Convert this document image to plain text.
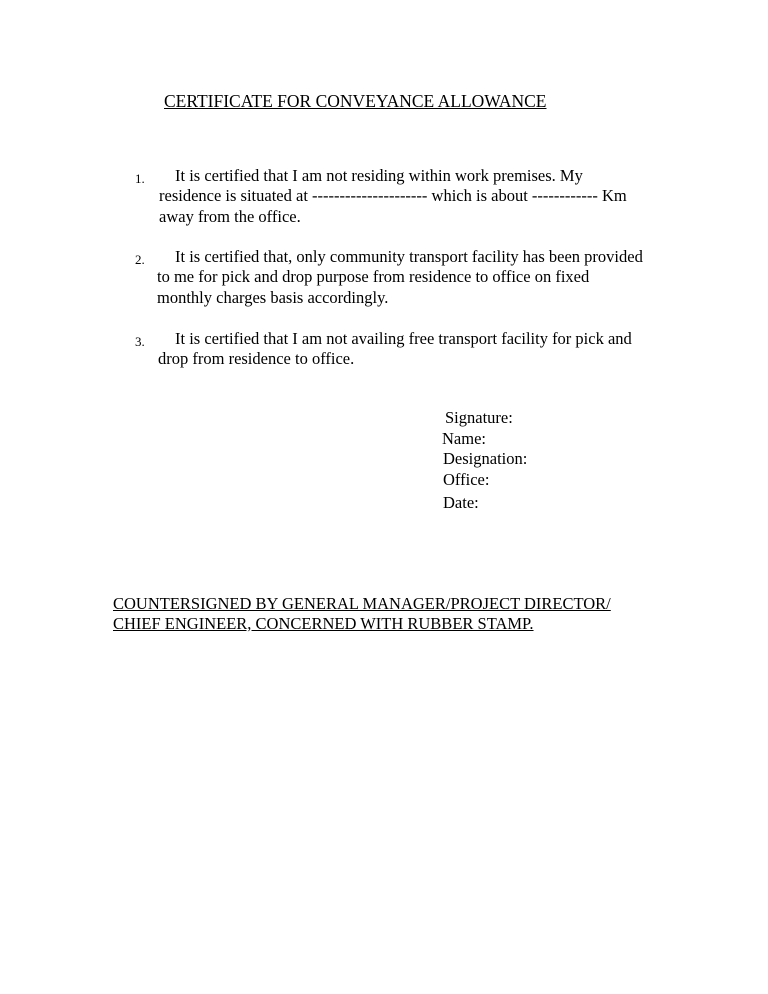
CERTIFICATE FOR CONVEYANCE ALLOWANCE
1. It is certified that I am not residing within work premises. My
residence is situated at --------------------- which is about ------------ Km
away from the office.
2. It is certified that, only community transport facility has been provided
to me for pick and drop purpose from residence to office on fixed
monthly charges basis accordingly.
3. It is certified that I am not availing free transport facility for pick and
drop from residence to office.
Signature:
Name:
Designation:
Office:
Date:
COUNTERSIGNED BY GENERAL MANAGER/PROJECT DIRECTOR/
CHIEF ENGINEER, CONCERNED WITH RUBBER STAMP.
